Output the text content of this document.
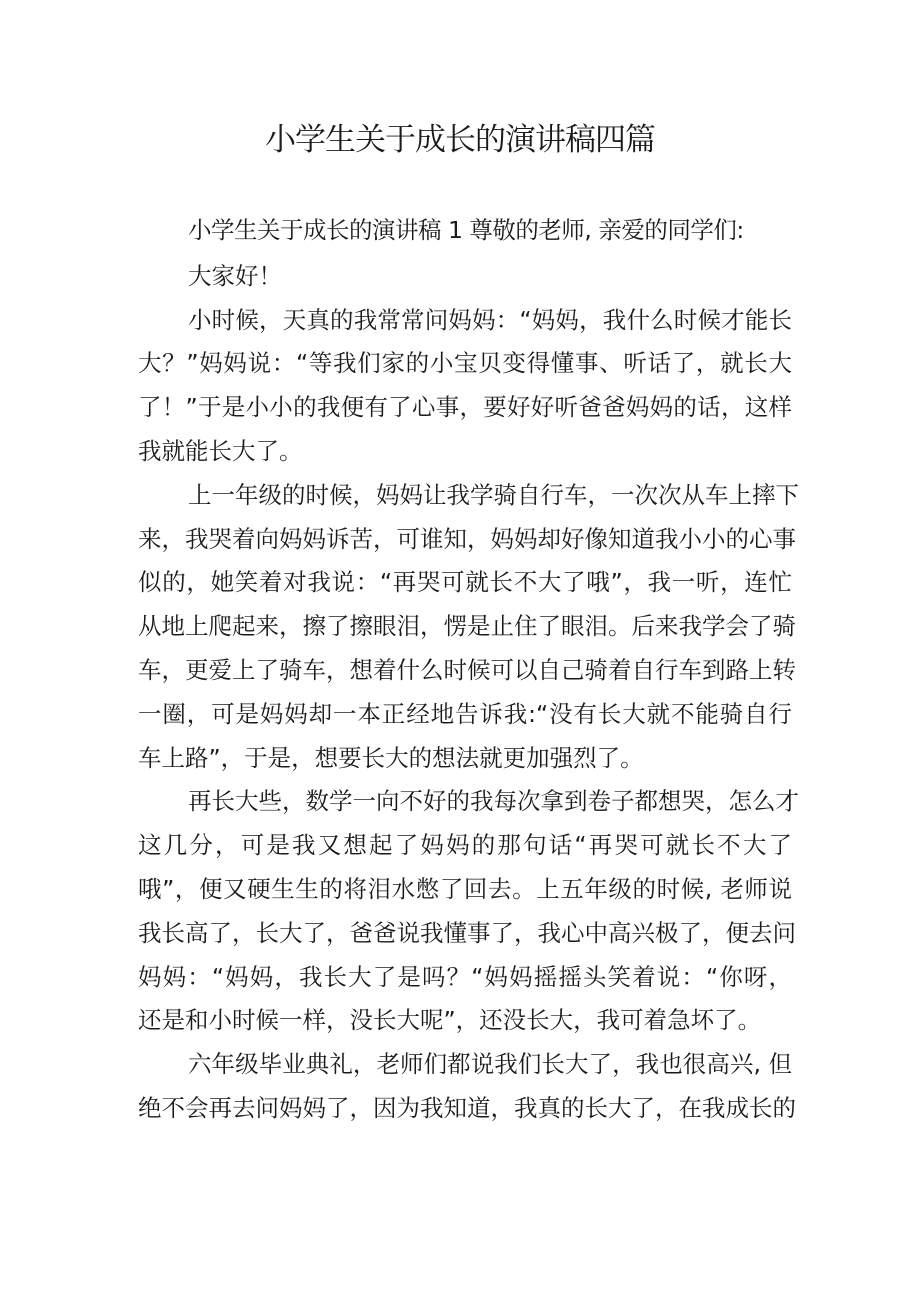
小学生关于成长的演讲稿四篇
小学生关于成长的演讲稿 1 尊敬的老师, 亲爱的同学们:
大家好！
小时候，天真的我常常问妈妈：“妈妈，我什么时候才能长
大？”妈妈说：“等我们家的小宝贝变得懂事、听话了，就长大
了！”于是小小的我便有了心事，要好好听爸爸妈妈的话，这样
我就能长大了。
上一年级的时候，妈妈让我学骑自行车，一次次从车上摔下
来，我哭着向妈妈诉苦，可谁知，妈妈却好像知道我小小的心事
似的，她笑着对我说：“再哭可就长不大了哦”，我一听，连忙
从地上爬起来，擦了擦眼泪，愣是止住了眼泪。后来我学会了骑
车，更爱上了骑车，想着什么时候可以自己骑着自行车到路上转
一圈，可是妈妈却一本正经地告诉我:“没有长大就不能骑自行
车上路”，于是，想要长大的想法就更加强烈了。
再长大些，数学一向不好的我每次拿到卷子都想哭，怎么才
这几分，可是我又想起了妈妈的那句话“再哭可就长不大了
哦”，便又硬生生的将泪水憋了回去。上五年级的时候, 老师说
我长高了，长大了，爸爸说我懂事了，我心中高兴极了，便去问
妈妈：“妈妈，我长大了是吗？“妈妈摇摇头笑着说：“你呀，
还是和小时候一样，没长大呢”，还没长大，我可着急坏了。
六年级毕业典礼，老师们都说我们长大了，我也很高兴, 但
绝不会再去问妈妈了，因为我知道，我真的长大了，在我成长的
